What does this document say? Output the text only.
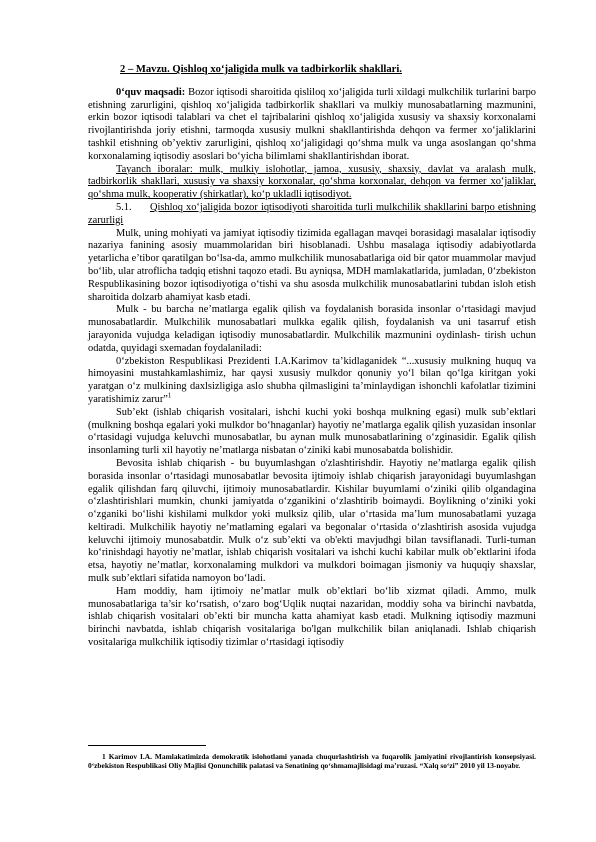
2 – Mavzu. Qishloq xo‘jaligida mulk va tadbirkorlik shakllari.

0‘quv maqsadi: Bozor iqtisodi sharoitida qisliloq xo‘jaligida turli xildagi mulkchilik turlarini barpo etishning zarurligini, qishloq xo‘jaligida tadbirkorlik shakllari va mulkiy munosabatlarning mazmunini, erkin bozor iqtisodi talablari va chet el tajribalarini qishloq xo‘jaligida xususiy va shaxsiy korxonalami rivojlantirishda joriy etishni, tarmoqda xususiy mulkni shakllantirishda dehqon va fermer xo‘jaliklarini tashkil etishning ob’yektiv zarurligini, qishloq xo‘jaligidagi qo‘shma mulk va unga asoslangan qo‘shma korxonalaming iqtisodiy asoslari bo‘yicha bilimlami shakllantirishdan iborat.

Tayanch iboralar: mulk, mulkiy islohotlar, jamoa, xususiy, shaxsiy, davlat va aralash mulk, tadbirkorlik shakllari, xususiy va shaxsiy korxonalar, qo‘shma korxonalar, dehqon va fermer xo‘jaliklar, qo‘shma mulk, kooperativ (shirkatlar), ko‘p ukladli iqtisodiyot.

5.1. Qishloq xo‘jaligida bozor iqtisodiyoti sharoitida turli mulkchilik shakllarini barpo etishning zarurligi

Mulk, uning mohiyati va jamiyat iqtisodiy tizimida egallagan mavqei borasidagi masalalar iqtisodiy nazariya fanining asosiy muammolaridan biri hisoblanadi. Ushbu masalaga iqtisodiy adabiyotlarda yetarlicha e’tibor qaratilgan bo‘lsa-da, ammo mulkchilik munosabatlariga oid bir qator muammolar mavjud bo‘lib, ular atroflicha tadqiq etishni taqozo etadi. Bu ayniqsa, MDH mamlakatlarida, jumladan, 0‘zbekiston Respublikasining bozor iqtisodiyotiga o‘tishi va shu asosda mulkchilik munosabatlarini tubdan isloh etish sharoitida dolzarb ahamiyat kasb etadi.

Mulk - bu barcha ne’matlarga egalik qilish va foydalanish borasida insonlar o‘rtasidagi mavjud munosabatlardir. Mulkchilik munosabatlari mulkka egalik qilish, foydalanish va uni tasarruf etish jarayonida vujudga keladigan iqtisodiy munosabatlardir. Mulkchilik mazmunini oydinlash- tirish uchun odatda, quyidagi sxemadan foydalaniladi:

0‘zbekiston Respublikasi Prezidenti I.A.Karimov ta’kidlaganidek “...xususiy mulkning huquq va himoyasini mustahkamlashimiz, har qaysi xususiy mulkdor qonuniy yo‘l bilan qo‘lga kiritgan yoki yaratgan o‘z mulkining daxlsizligiga aslo shubha qilmasligini ta’minlaydigan ishonchli kafolatlar tizimini yaratishimiz zarur”$^1$

Sub’ekt (ishlab chiqarish vositalari, ishchi kuchi yoki boshqa mulkning egasi) mulk sub’ektlari (mulkning boshqa egalari yoki mulkdor bo‘hnaganlar) hayotiy ne’matlarga egalik qilish yuzasidan insonlar o‘rtasidagi vujudga keluvchi munosabatlar, bu aynan mulk munosabatlarining o‘zginasidir. Egalik qilish insonlaming turli xil hayotiy ne’matlarga nisbatan o‘ziniki kabi munosabatda bolishidir.

Bevosita ishlab chiqarish - bu buyumlashgan o'zlashtirishdir. Hayotiy ne’matlarga egalik qilish borasida insonlar o‘rtasidagi munosabatlar bevosita ijtimoiy ishlab chiqarish jarayonidagi buyumlashgan egalik qilishdan farq qiluvchi, ijtimoiy munosabatlardir. Kishilar buyumlami o‘ziniki qilib olgandagina o‘zlashtirishlari mumkin, chunki jamiyatda o‘zganikini o‘zlashtirib boimaydi. Boylikning o‘ziniki yoki o‘zganiki bo‘lishi kishilami mulkdor yoki mulksiz qilib, ular o‘rtasida ma’lum munosabatlami yuzaga keltiradi. Mulkchilik hayotiy ne’matlaming egalari va begonalar o‘rtasida o‘zlashtirish asosida vujudga keluvchi ijtimoiy munosabatdir. Mulk o‘z sub’ekti va ob'ekti mavjudhgi bilan tavsiflanadi. Turli-tuman ko‘rinishdagi hayotiy ne’matlar, ishlab chiqarish vositalari va ishchi kuchi kabilar mulk ob’ektlarini ifoda etsa, hayotiy ne’matlar, korxonalaming mulkdori va mulkdori boimagan jismoniy va huquqiy shaxslar, mulk sub’ektlari sifatida namoyon bo‘ladi.

Ham moddiy, ham ijtimoiy ne’matlar mulk ob’ektlari bo‘lib xizmat qiladi. Ammo, mulk munosabatlariga ta’sir ko‘rsatish, o‘zaro bog‘Uqlik nuqtai nazaridan, moddiy soha va birinchi navbatda, ishlab chiqarish vositalari ob’ekti bir muncha katta ahamiyat kasb etadi. Mulkning iqtisodiy mazmuni birinchi navbatda, ishlab chiqarish vositalariga bo'lgan mulkchilik bilan aniqlanadi. Ishlab chiqarish vositalariga mulkchilik iqtisodiy tizimlar o‘rtasidagi iqtisodiy

1 Karimov I.A. Mamlakatimizda demokratik islohotlami yanada chuqurlashtirish va fuqarolik jamiyatini rivojlantirish konsepsiyasi. 0‘zbekiston Respublikasi Oliy Majlisi Qonunchilik palatasi va Senatining qo‘shmamajlisidagi ma’ruzasi. “Xalq so‘zi” 2010 yil 13-noyabr.
